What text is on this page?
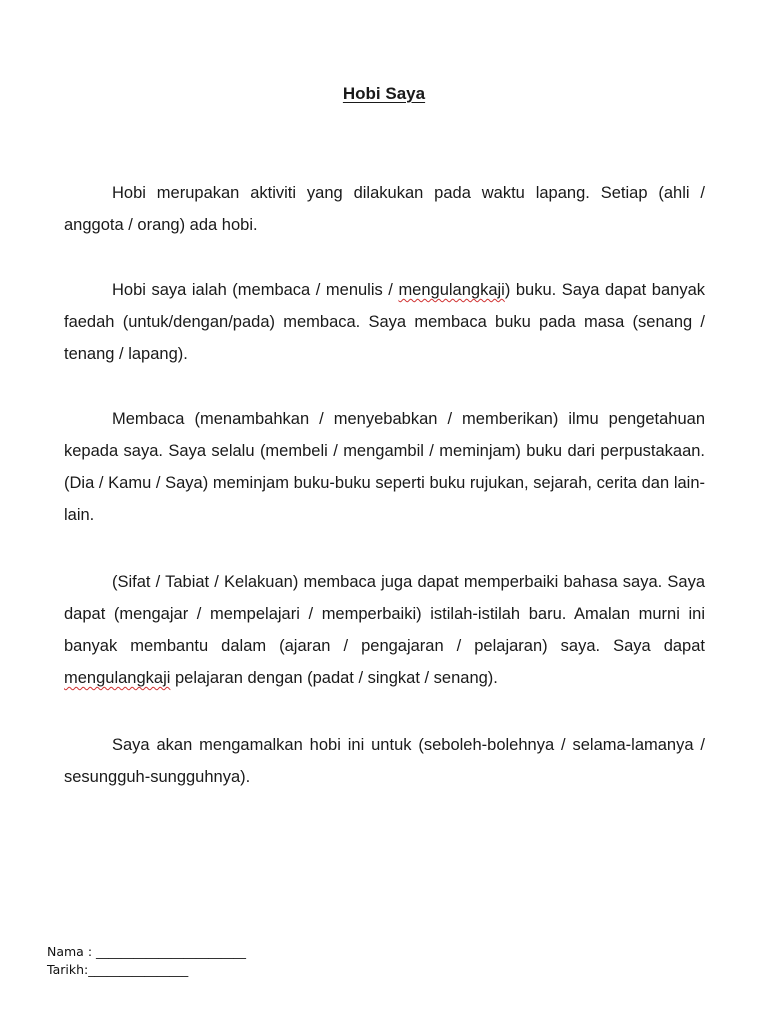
Hobi Saya

Hobi merupakan aktiviti yang dilakukan pada waktu lapang. Setiap (ahli / anggota / orang) ada hobi.

Hobi saya ialah (membaca / menulis / mengulangkaji) buku. Saya dapat banyak faedah (untuk/dengan/pada) membaca. Saya membaca buku pada masa (senang / tenang / lapang).

Membaca (menambahkan / menyebabkan / memberikan) ilmu pengetahuan kepada saya. Saya selalu (membeli / mengambil / meminjam) buku dari perpustakaan. (Dia / Kamu / Saya) meminjam buku-buku seperti buku rujukan, sejarah, cerita dan lain-lain.

(Sifat / Tabiat / Kelakuan) membaca juga dapat memperbaiki bahasa saya. Saya dapat (mengajar / mempelajari / memperbaiki) istilah-istilah baru. Amalan murni ini banyak membantu dalam (ajaran / pengajaran / pelajaran) saya. Saya dapat mengulangkaji pelajaran dengan (padat / singkat / senang).

Saya akan mengamalkan hobi ini untuk (seboleh-bolehnya / selama-lamanya / sesungguh-sungguhnya).

Nama : ________________________
Tarikh:________________
